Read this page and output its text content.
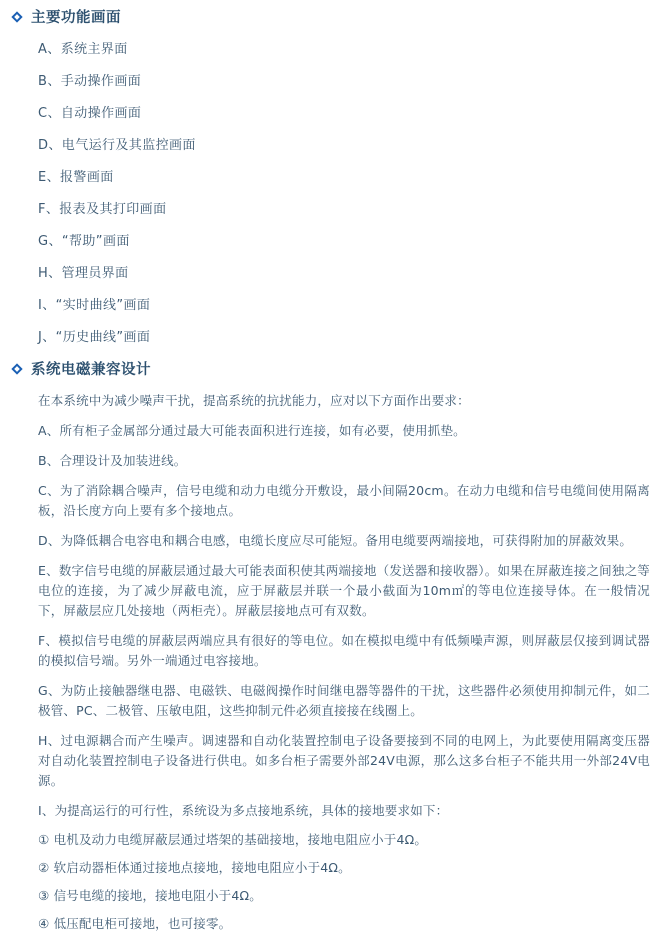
主要功能画面
A、系统主界面
B、手动操作画面
C、自动操作画面
D、电气运行及其监控画面
E、报警画面
F、报表及其打印画面
G、“帮助”画面
H、管理员界面
I、“实时曲线”画面
J、“历史曲线”画面
系统电磁兼容设计

在本系统中为减少噪声干扰，提高系统的抗扰能力，应对以下方面作出要求：

A、所有柜子金属部分通过最大可能表面积进行连接，如有必要，使用抓垫。

B、合理设计及加装进线。

C、为了消除耦合噪声，信号电缆和动力电缆分开敷设，最小间隔20cm。在动力电缆和信号电缆间使用隔离板，沿长度方向上要有多个接地点。

D、为降低耦合电容电和耦合电感，电缆长度应尽可能短。备用电缆要两端接地，可获得附加的屏蔽效果。

E、数字信号电缆的屏蔽层通过最大可能表面积使其两端接地（发送器和接收器）。如果在屏蔽连接之间独之等电位的连接，为了减少屏蔽电流，应于屏蔽层并联一个最小截面为10m㎡的等电位连接导体。在一般情况下，屏蔽层应几处接地（两柜壳）。屏蔽层接地点可有双数。

F、模拟信号电缆的屏蔽层两端应具有很好的等电位。如在模拟电缆中有低频噪声源，则屏蔽层仅接到调试器的模拟信号端。另外一端通过电容接地。

G、为防止接触器继电器、电磁铁、电磁阀操作时间继电器等器件的干扰，这些器件必须使用抑制元件，如二极管、PC、二极管、压敏电阻，这些抑制元件必须直接接在线圈上。

H、过电源耦合而产生噪声。调速器和自动化装置控制电子设备要接到不同的电网上，为此要使用隔离变压器对自动化装置控制电子设备进行供电。如多台柜子需要外部24V电源，那么这多台柜子不能共用一外部24V电源。

I、为提高运行的可行性，系统设为多点接地系统，具体的接地要求如下：

① 电机及动力电缆屏蔽层通过塔架的基础接地，接地电阻应小于4Ω。
② 软启动器柜体通过接地点接地，接地电阻应小于4Ω。
③ 信号电缆的接地，接地电阻小于4Ω。
④ 低压配电柜可接地，也可接零。
